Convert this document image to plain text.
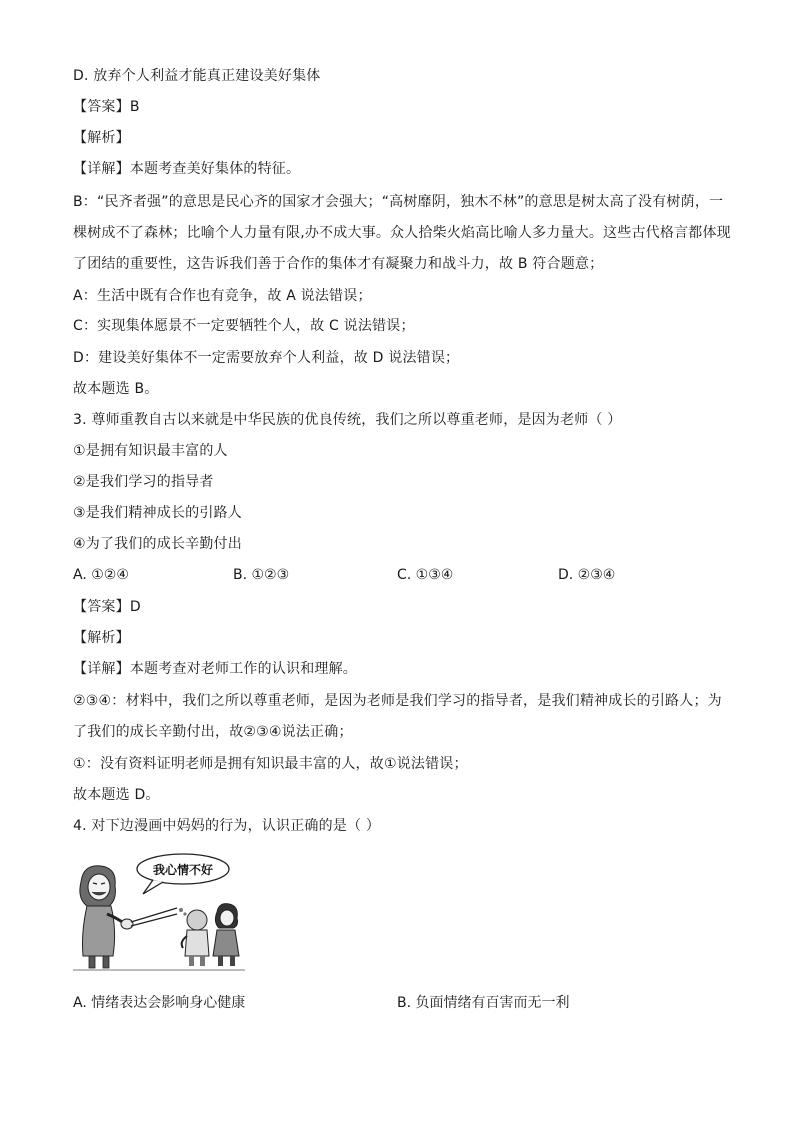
D. 放弃个人利益才能真正建设美好集体
【答案】B
【解析】
【详解】本题考查美好集体的特征。
B：“民齐者强”的意思是民心齐的国家才会强大；“高树靡阴，独木不林”的意思是树太高了没有树荫，一
棵树成不了森林；比喻个人力量有限,办不成大事。众人拾柴火焰高比喻人多力量大。这些古代格言都体现
了团结的重要性，这告诉我们善于合作的集体才有凝聚力和战斗力，故 B 符合题意；
A：生活中既有合作也有竞争，故 A 说法错误；
C：实现集体愿景不一定要牺牲个人，故 C 说法错误；
D：建设美好集体不一定需要放弃个人利益，故 D 说法错误；
故本题选 B。
3. 尊师重教自古以来就是中华民族的优良传统，我们之所以尊重老师，是因为老师（ ）
①是拥有知识最丰富的人
②是我们学习的指导者
③是我们精神成长的引路人
④为了我们的成长辛勤付出
A. ①②④	B. ①②③	C. ①③④	D. ②③④
【答案】D
【解析】
【详解】本题考查对老师工作的认识和理解。
②③④：材料中，我们之所以尊重老师，是因为老师是我们学习的指导者，是我们精神成长的引路人；为
了我们的成长辛勤付出，故②③④说法正确；
①：没有资料证明老师是拥有知识最丰富的人，故①说法错误；
故本题选 D。
4. 对下边漫画中妈妈的行为，认识正确的是（ ）
我心情不好
A. 情绪表达会影响身心健康	B. 负面情绪有百害而无一利
